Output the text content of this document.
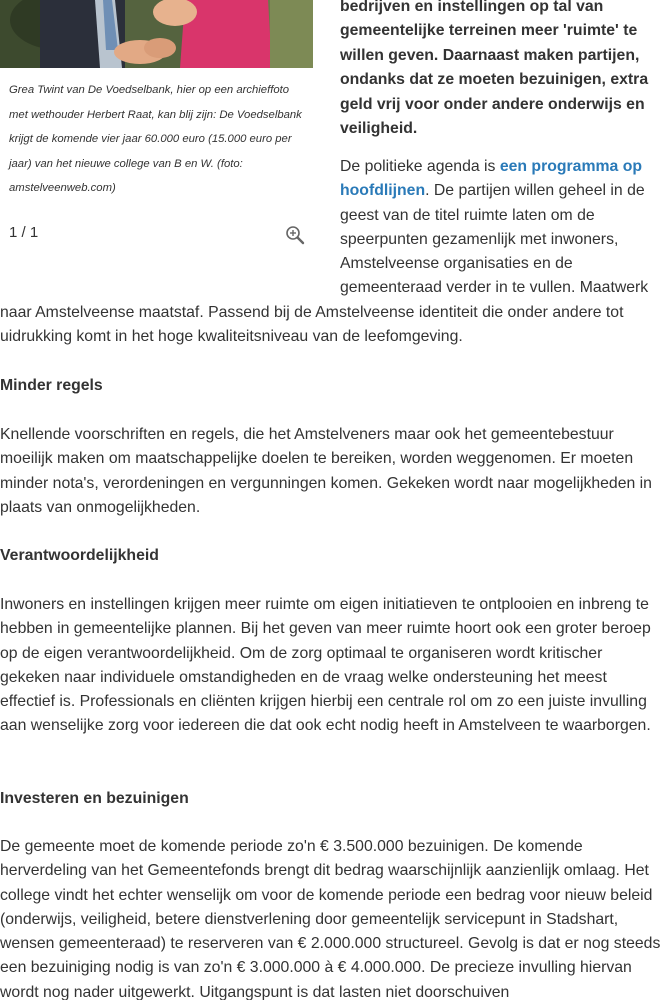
Grea Twint van De Voedselbank, hier op een archieffoto met wethouder Herbert Raat, kan blij zijn: De Voedselbank krijgt de komende vier jaar 60.000 euro (15.000 euro per jaar) van het nieuwe college van B en W. (foto: amstelveenweb.com)
1 / 1
bedrijven en instellingen op tal van gemeentelijke terreinen meer 'ruimte' te willen geven. Daarnaast maken partijen, ondanks dat ze moeten bezuinigen, extra geld vrij voor onder andere onderwijs en veiligheid.
De politieke agenda is een programma op hoofdlijnen. De partijen willen geheel in de geest van de titel ruimte laten om de speerpunten gezamenlijk met inwoners, Amstelveense organisaties en de gemeenteraad verder in te vullen. Maatwerk naar Amstelveense maatstaf. Passend bij de Amstelveense identiteit die onder andere tot uidrukking komt in het hoge kwaliteitsniveau van de leefomgeving.
Minder regels
Knellende voorschriften en regels, die het Amstelveners maar ook het gemeentebestuur moeilijk maken om maatschappelijke doelen te bereiken, worden weggenomen. Er moeten minder nota's, verordeningen en vergunningen komen. Gekeken wordt naar mogelijkheden in plaats van onmogelijkheden.
Verantwoordelijkheid
Inwoners en instellingen krijgen meer ruimte om eigen initiatieven te ontplooien en inbreng te hebben in gemeentelijke plannen. Bij het geven van meer ruimte hoort ook een groter beroep op de eigen verantwoordelijkheid. Om de zorg optimaal te organiseren wordt kritischer gekeken naar individuele omstandigheden en de vraag welke ondersteuning het meest effectief is. Professionals en cliënten krijgen hierbij een centrale rol om zo een juiste invulling aan wenselijke zorg voor iedereen die dat ook echt nodig heeft in Amstelveen te waarborgen.
Investeren en bezuinigen
De gemeente moet de komende periode zo'n € 3.500.000 bezuinigen. De komende herverdeling van het Gemeentefonds brengt dit bedrag waarschijnlijk aanzienlijk omlaag. Het college vindt het echter wenselijk om voor de komende periode een bedrag voor nieuw beleid (onderwijs, veiligheid, betere dienstverlening door gemeentelijk servicepunt in Stadshart, wensen gemeenteraad) te reserveren van € 2.000.000 structureel. Gevolg is dat er nog steeds een bezuiniging nodig is van zo'n € 3.000.000 à € 4.000.000. De precieze invulling hiervan wordt nog nader uitgewerkt. Uitgangspunt is dat lasten niet doorschuiven
